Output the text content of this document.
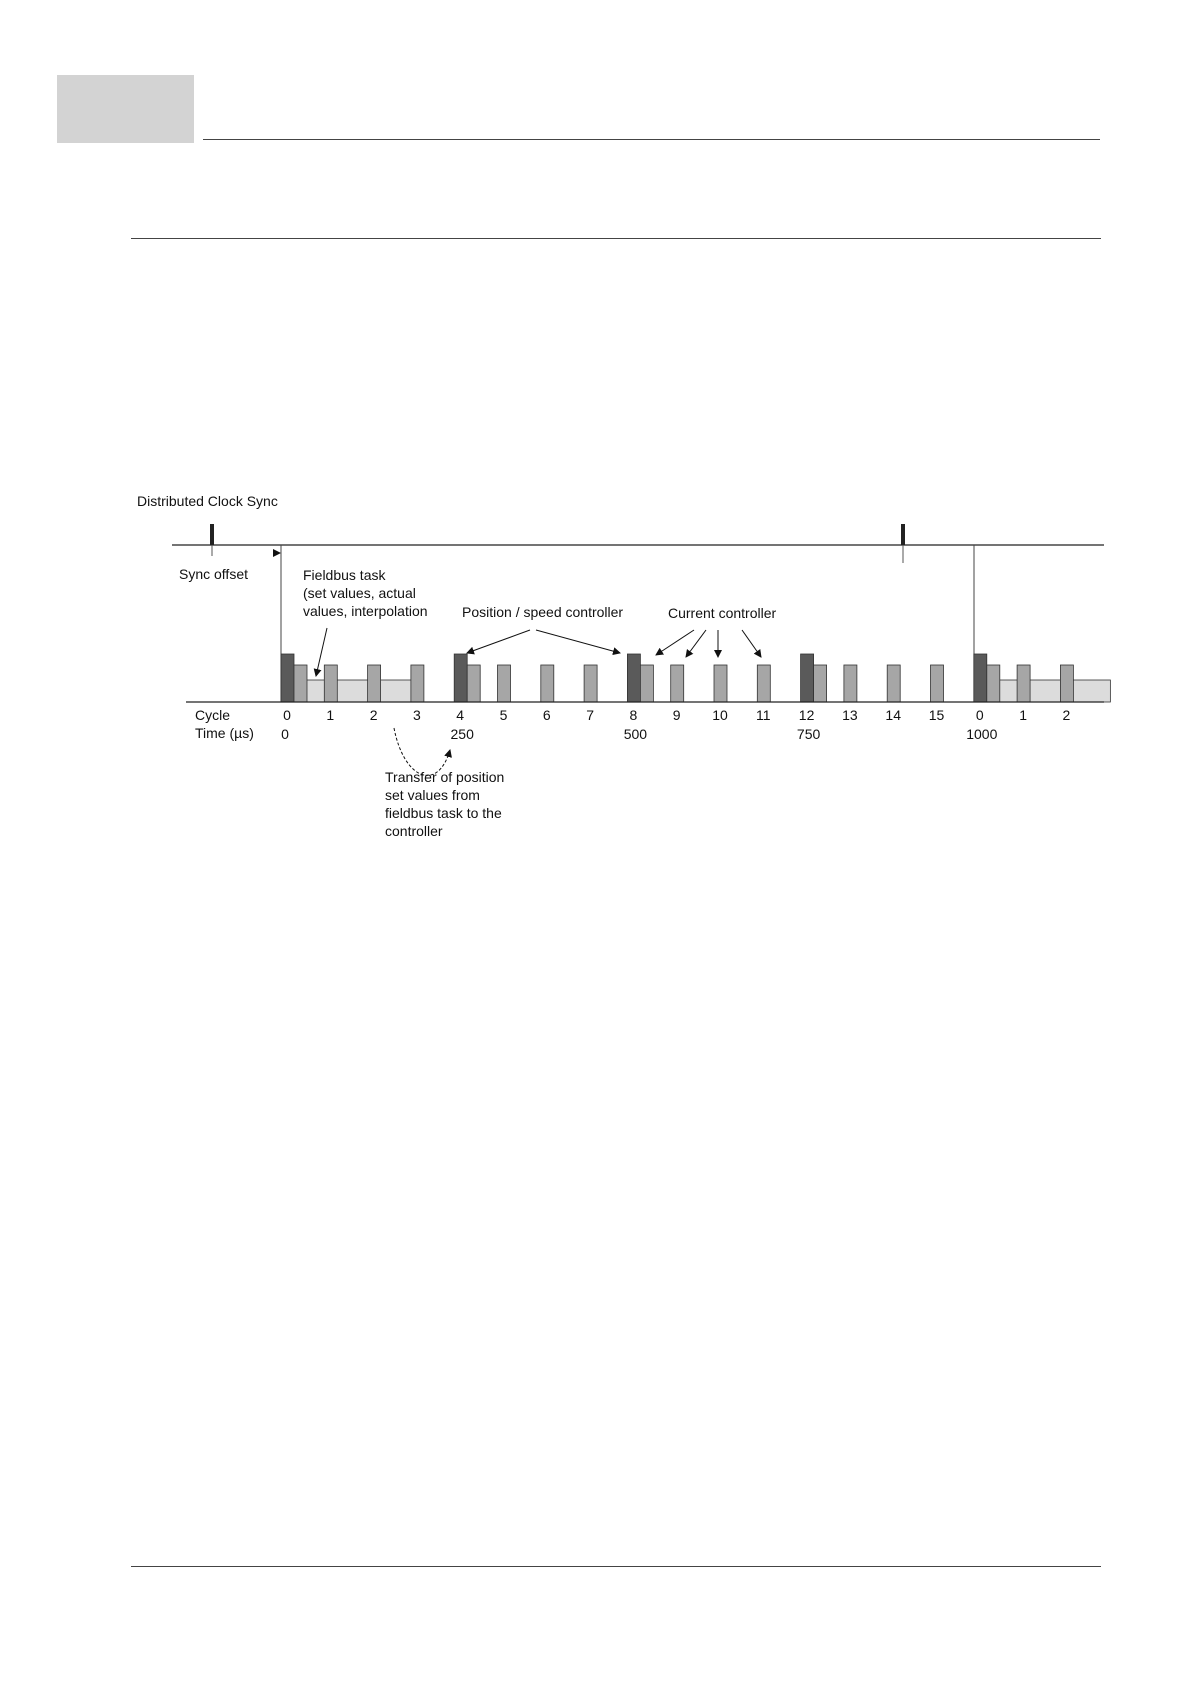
Distributed Clock Sync
Sync offset	Fieldbus task (set values, actual values, interpolation Position / speed controller	Current controller
Transfer of position set values from fieldbus task to the controller
Cycle
Time (µs)
0	1	2	3	4	5	6	7	8	9 10 11 12 13 14 15 0	1	2
0	250	500	750	1000
